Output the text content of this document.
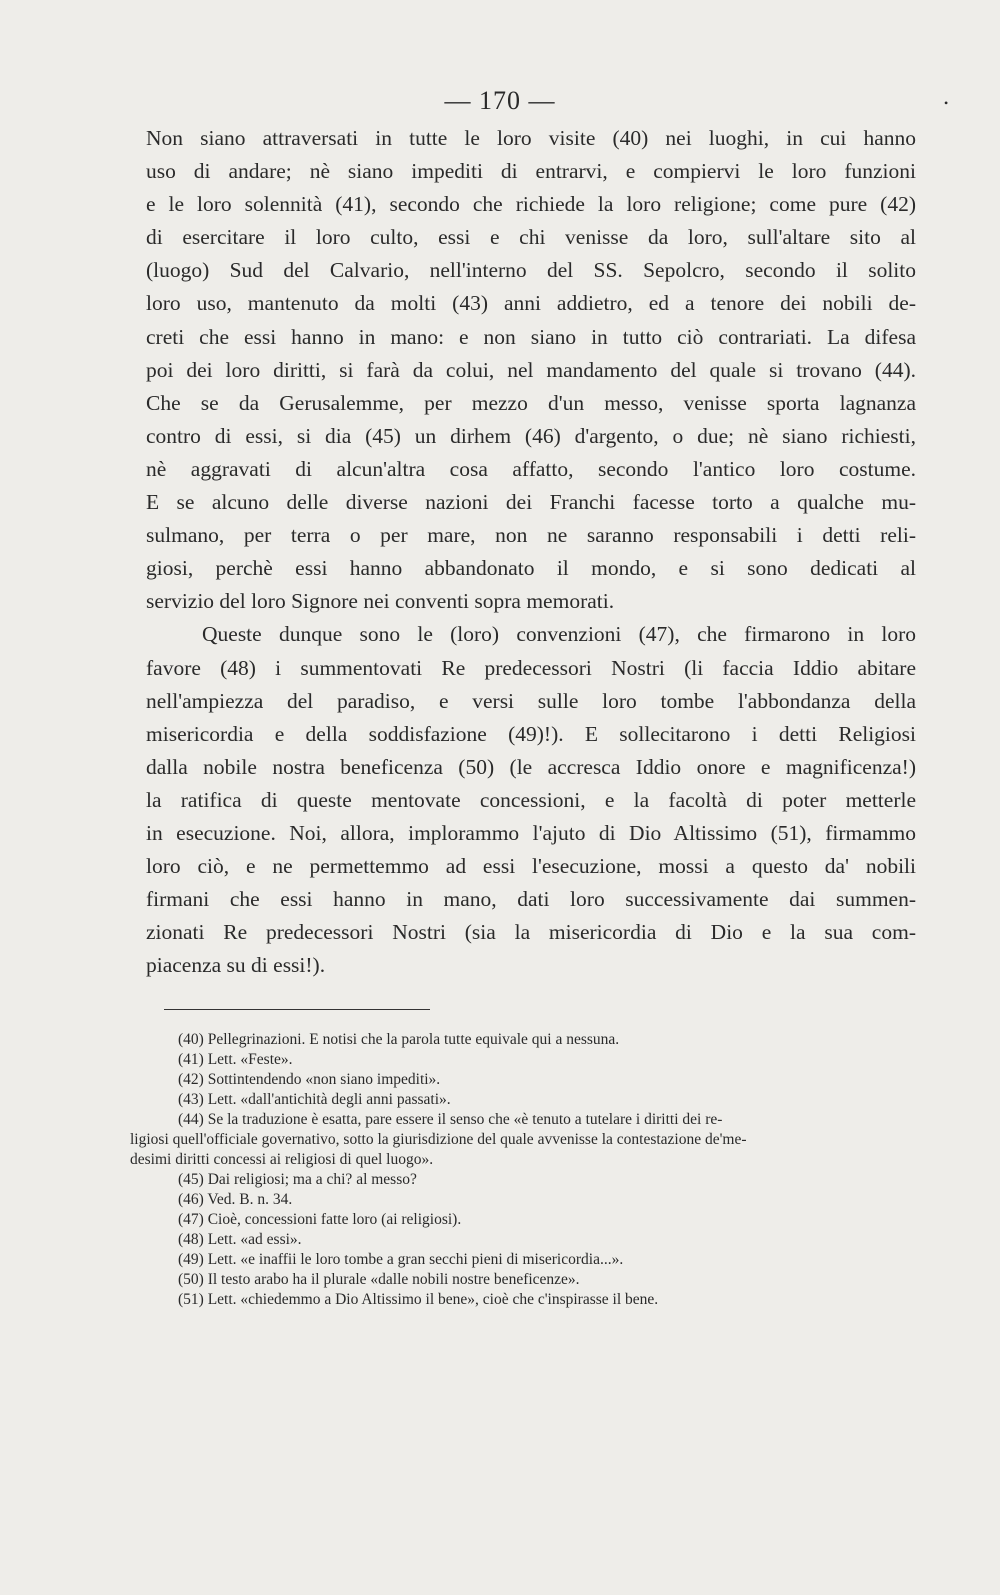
— 170 —	•
Non siano attraversati in tutte le loro visite (40) nei luoghi, in cui hanno
uso di andare; nè siano impediti di entrarvi, e compiervi le loro funzioni
e le loro solennità (41), secondo che richiede la loro religione; come pure (42)
di esercitare il loro culto, essi e chi venisse da loro, sull'altare sito al
(luogo) Sud del Calvario, nell'interno del SS. Sepolcro, secondo il solito
loro uso, mantenuto da molti (43) anni addietro, ed a tenore dei nobili de-
creti che essi hanno in mano: e non siano in tutto ciò contrariati. La difesa
poi dei loro diritti, si farà da colui, nel mandamento del quale si trovano (44).
Che se da Gerusalemme, per mezzo d'un messo, venisse sporta lagnanza
contro di essi, si dia (45) un dirhem (46) d'argento, o due; nè siano richiesti,
nè aggravati di alcun'altra cosa affatto, secondo l'antico loro costume.
E se alcuno delle diverse nazioni dei Franchi facesse torto a qualche mu-
sulmano, per terra o per mare, non ne saranno responsabili i detti reli-
giosi, perchè essi hanno abbandonato il mondo, e si sono dedicati al
servizio del loro Signore nei conventi sopra memorati.
Queste dunque sono le (loro) convenzioni (47), che firmarono in loro
favore (48) i summentovati Re predecessori Nostri (li faccia Iddio abitare
nell'ampiezza del paradiso, e versi sulle loro tombe l'abbondanza della
misericordia e della soddisfazione (49)!). E sollecitarono i detti Religiosi
dalla nobile nostra beneficenza (50) (le accresca Iddio onore e magnificenza!)
la ratifica di queste mentovate concessioni, e la facoltà di poter metterle
in esecuzione. Noi, allora, implorammo l'ajuto di Dio Altissimo (51), firmammo
loro ciò, e ne permettemmo ad essi l'esecuzione, mossi a questo da' nobili
firmani che essi hanno in mano, dati loro successivamente dai summen-
zionati Re predecessori Nostri (sia la misericordia di Dio e la sua com-
piacenza su di essi!).
(40) Pellegrinazioni. E notisi che la parola tutte equivale qui a nessuna.
(41) Lett. «Feste».
(42) Sottintendendo «non siano impediti».
(43) Lett. «dall'antichità degli anni passati».
(44) Se la traduzione è esatta, pare essere il senso che «è tenuto a tutelare i diritti dei re-
ligiosi quell'officiale governativo, sotto la giurisdizione del quale avvenisse la contestazione de'me-
desimi diritti concessi ai religiosi di quel luogo».
(45) Dai religiosi; ma a chi? al messo?
(46) Ved. B. n. 34.
(47) Cioè, concessioni fatte loro (ai religiosi).
(48) Lett. «ad essi».
(49) Lett. «e inaffii le loro tombe a gran secchi pieni di misericordia...».
(50) Il testo arabo ha il plurale «dalle nobili nostre beneficenze».
(51) Lett. «chiedemmo a Dio Altissimo il bene», cioè che c'inspirasse il bene.
